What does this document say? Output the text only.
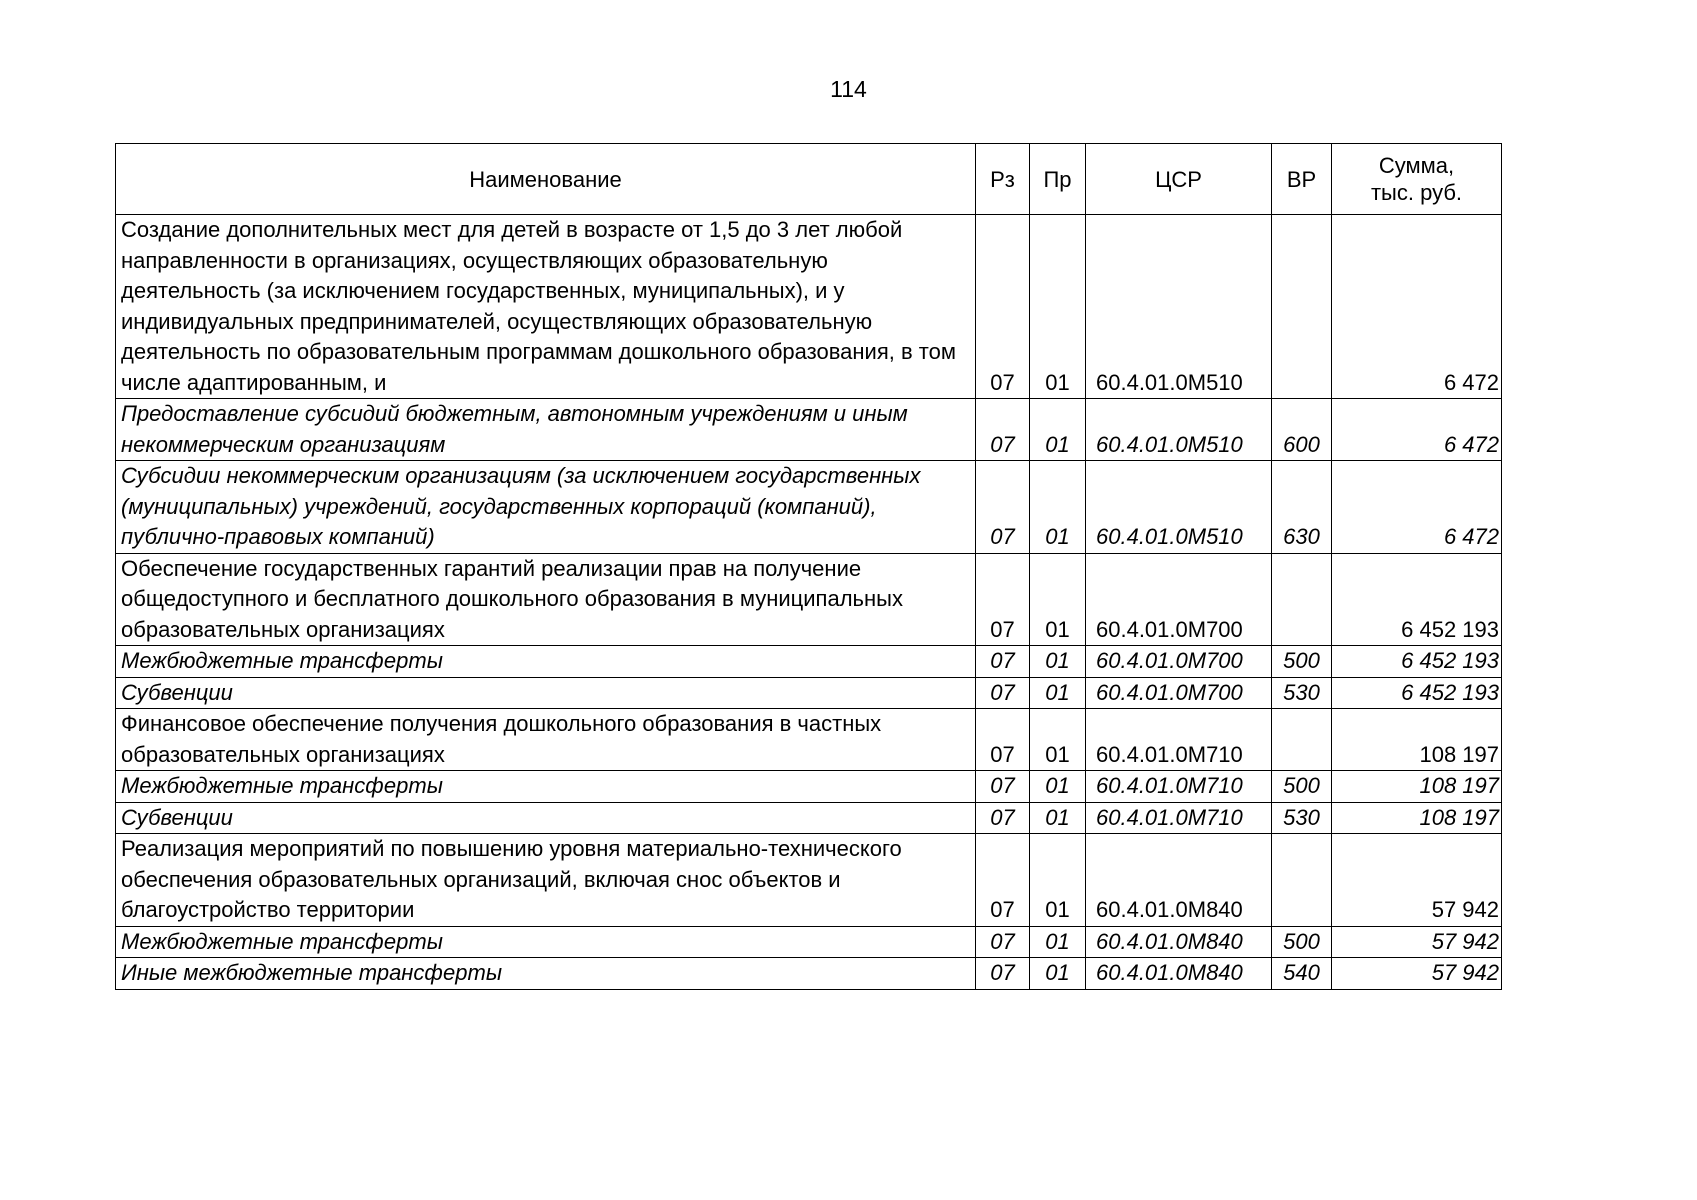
114
Наименование	Рз	Пр	ЦСР	ВР	Сумма,
тыс. руб.
Создание дополнительных мест для детей в возрасте от 1,5 до 3 лет любой направленности в организациях, осуществляющих образовательную деятельность (за исключением государственных, муниципальных), и у индивидуальных предпринимателей, осуществляющих образовательную деятельность по образовательным программам дошкольного образования, в том числе адаптированным, и	07	01	60.4.01.0М510		6 472
Предоставление субсидий бюджетным, автономным учреждениям и иным некоммерческим организациям	07	01	60.4.01.0М510	600	6 472
Субсидии некоммерческим организациям (за исключением государственных (муниципальных) учреждений, государственных корпораций (компаний), публично-правовых компаний)	07	01	60.4.01.0М510	630	6 472
Обеспечение государственных гарантий реализации прав на получение общедоступного и бесплатного дошкольного образования в муниципальных образовательных организациях	07	01	60.4.01.0М700		6 452 193
Межбюджетные трансферты	07	01	60.4.01.0М700	500	6 452 193
Субвенции	07	01	60.4.01.0М700	530	6 452 193
Финансовое обеспечение получения дошкольного образования в частных образовательных организациях	07	01	60.4.01.0М710		108 197
Межбюджетные трансферты	07	01	60.4.01.0М710	500	108 197
Субвенции	07	01	60.4.01.0М710	530	108 197
Реализация мероприятий по повышению уровня материально-технического обеспечения образовательных организаций, включая снос объектов и благоустройство территории	07	01	60.4.01.0М840		57 942
Межбюджетные трансферты	07	01	60.4.01.0М840	500	57 942
Иные межбюджетные трансферты	07	01	60.4.01.0М840	540	57 942
